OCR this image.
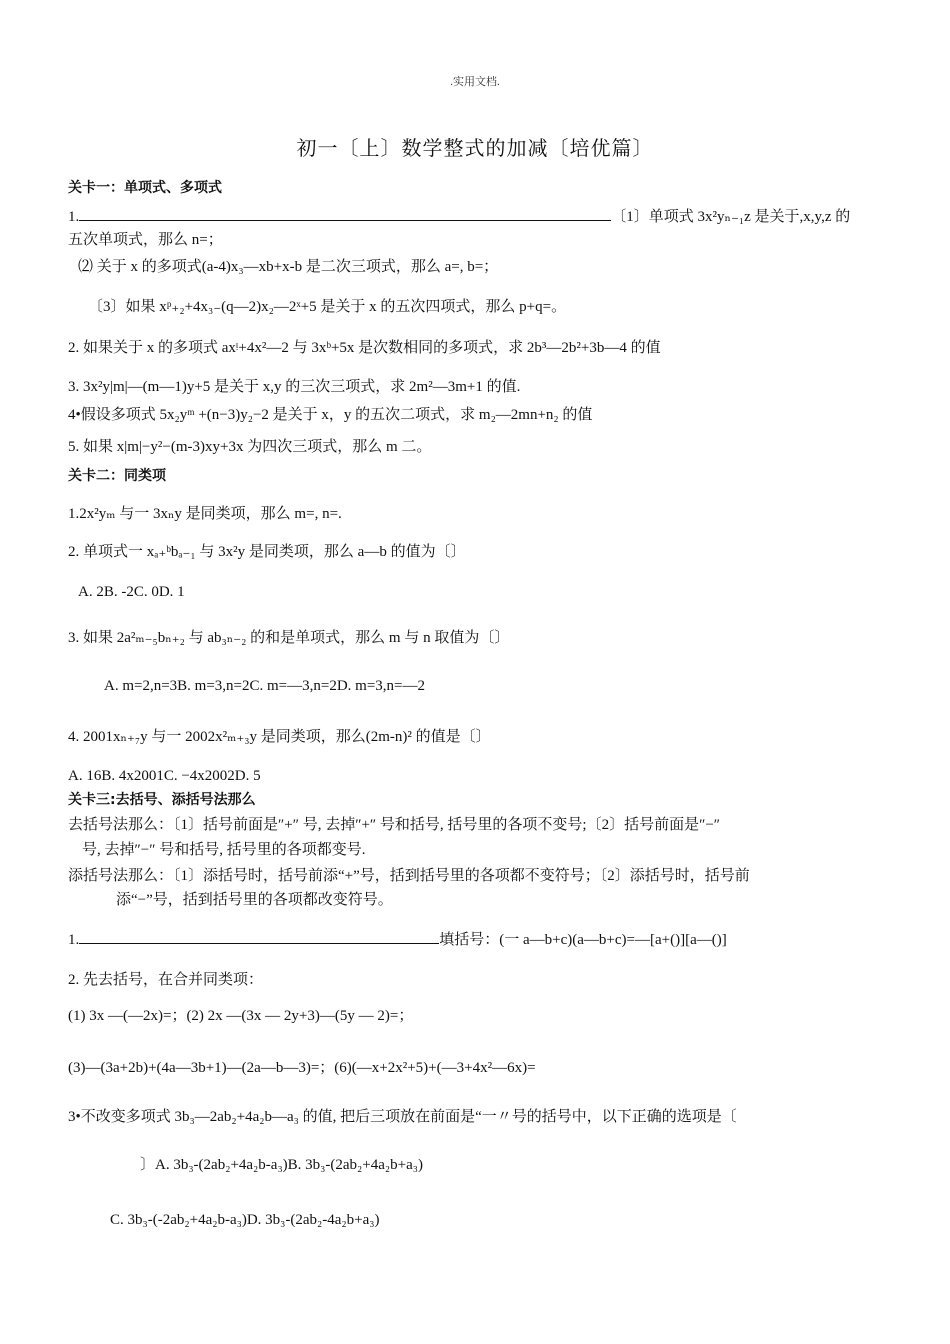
.实用文档.
初一〔上〕数学整式的加减〔培优篇〕
关卡一：单项式、多项式
1.	〔1〕单项式 3x²yₙ₋₁z 是关于,x,y,z 的
五次单项式，那么 n=；
⑵ 关于 x 的多项式(a-4)x₃—xb+x-b 是二次三项式，那么 a=, b=；
〔3〕如果 xᵖ₊₂+4x₃₋(q—2)x₂—2ˣ+5 是关于 x 的五次四项式，那么 p+q=。
2. 如果关于 x 的多项式 axᵎ+4x²—2 与 3xᵇ+5x 是次数相同的多项式，求 2b³—2b²+3b—4 的值
3. 3x²y|m|—(m—1)y+5 是关于 x,y 的三次三项式，求 2m²—3m+1 的值.
4•假设多项式 5x₂yᵐ +(n−3)y₂−2 是关于 x，y 的五次二项式，求 m₂—2mn+n₂ 的值
5. 如果 x|m|−y²−(m-3)xy+3x 为四次三项式，那么 m 二。
关卡二：同类项
1.2x²yₘ 与一 3xₙy 是同类项，那么 m=, n=.
2. 单项式一 xₐ₊ᵇbₐ₋₁ 与 3x²y 是同类项，那么 a—b 的值为〔〕
A. 2B. -2C. 0D. 1
3. 如果 2a²ₘ₋₅bₙ₊₂ 与 ab₃ₙ₋₂ 的和是单项式，那么 m 与 n 取值为〔〕
A. m=2,n=3B. m=3,n=2C. m=—3,n=2D. m=3,n=—2
4. 2001xₙ₊₇y 与一 2002x²ₘ₊₃y 是同类项，那么(2m-n)² 的值是〔〕
A. 16B. 4x2001C. −4x2002D. 5
关卡三:去括号、添括号法那么
去括号法那么：〔1〕括号前面是″+″ 号, 去掉″+″ 号和括号, 括号里的各项不变号;〔2〕括号前面是″−″
号, 去掉″−″ 号和括号, 括号里的各项都变号.
添括号法那么：〔1〕添括号时，括号前添“+”号，括到括号里的各项都不变符号；〔2〕添括号时，括号前
添“−”号，括到括号里的各项都改变符号。
1.	填括号：(一 a—b+c)(a—b+c)=—[a+()][a—()]
2. 先去括号，在合并同类项：
(1) 3x —(—2x)=；(2) 2x —(3x — 2y+3)—(5y — 2)=；
(3)—(3a+2b)+(4a—3b+1)—(2a—b—3)=；(6)(—x+2x²+5)+(—3+4x²—6x)=
3•不改变多项式 3b₃—2ab₂+4a₂b—a₃ 的值, 把后三项放在前面是“一〃号的括号中，以下正确的选项是〔
〕A. 3b₃-(2ab₂+4a₂b-a₃)B. 3b₃-(2ab₂+4a₂b+a₃)
C. 3b₃-(-2ab₂+4a₂b-a₃)D. 3b₃-(2ab₂-4a₂b+a₃)
